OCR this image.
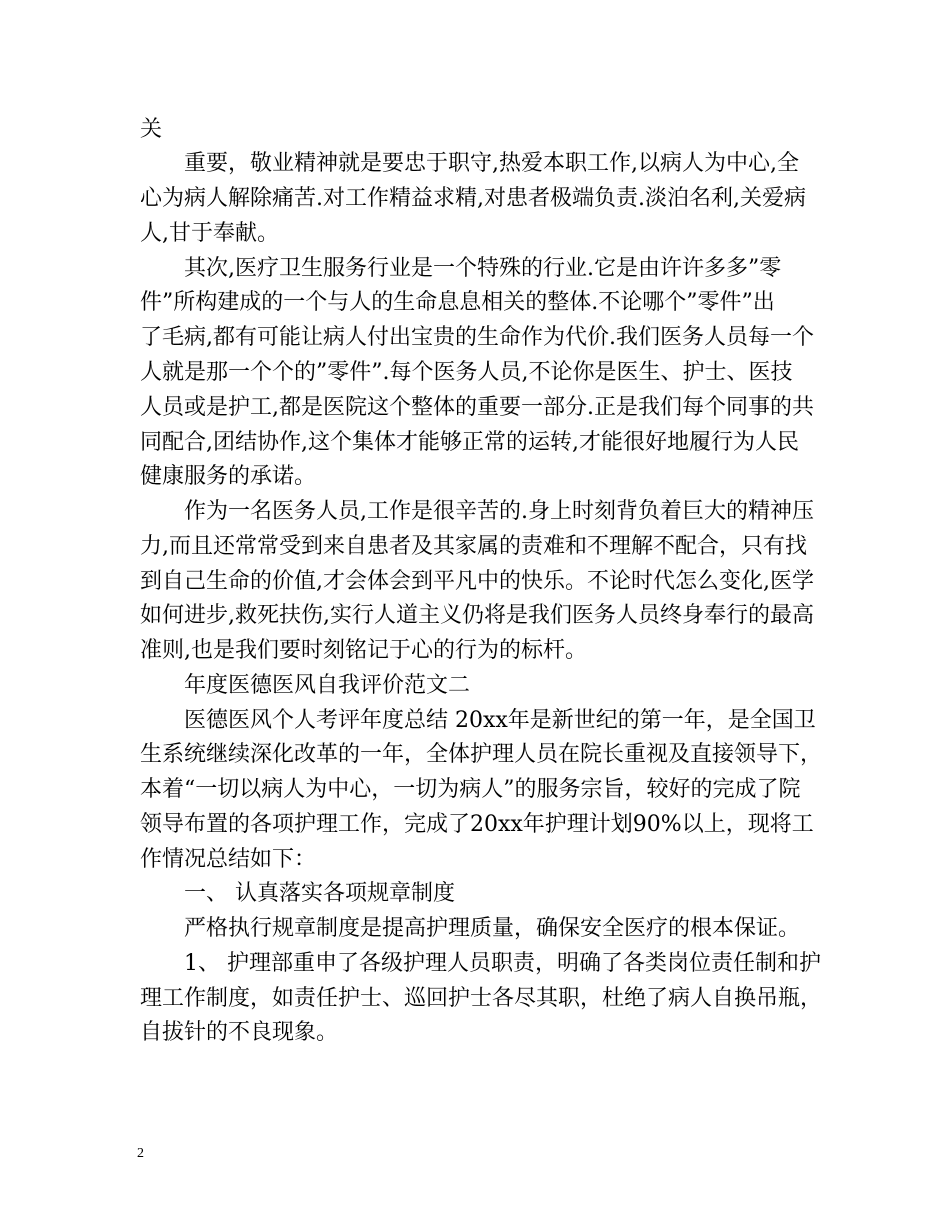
关

重要，敬业精神就是要忠于职守,热爱本职工作,以病人为中心,全

心为病人解除痛苦.对工作精益求精,对患者极端负责.淡泊名利,关爱病

人,甘于奉献。

其次,医疗卫生服务行业是一个特殊的行业.它是由许许多多”零

件”所构建成的一个与人的生命息息相关的整体.不论哪个”零件”出

了毛病,都有可能让病人付出宝贵的生命作为代价.我们医务人员每一个

人就是那一个个的”零件”.每个医务人员,不论你是医生、护士、医技

人员或是护工,都是医院这个整体的重要一部分.正是我们每个同事的共

同配合,团结协作,这个集体才能够正常的运转,才能很好地履行为人民

健康服务的承诺。

作为一名医务人员,工作是很辛苦的.身上时刻背负着巨大的精神压

力,而且还常常受到来自患者及其家属的责难和不理解不配合，只有找

到自己生命的价值,才会体会到平凡中的快乐。不论时代怎么变化,医学

如何进步,救死扶伤,实行人道主义仍将是我们医务人员终身奉行的最高

准则,也是我们要时刻铭记于心的行为的标杆。

年度医德医风自我评价范文二

医德医风个人考评年度总结 20xx年是新世纪的第一年，是全国卫

生系统继续深化改革的一年，全体护理人员在院长重视及直接领导下，

本着“一切以病人为中心，一切为病人”的服务宗旨，较好的完成了院

领导布置的各项护理工作，完成了20xx年护理计划90%以上，现将工

作情况总结如下：

一、 认真落实各项规章制度

严格执行规章制度是提高护理质量，确保安全医疗的根本保证。

1、 护理部重申了各级护理人员职责，明确了各类岗位责任制和护

理工作制度，如责任护士、巡回护士各尽其职，杜绝了病人自换吊瓶，

自拔针的不良现象。

2
